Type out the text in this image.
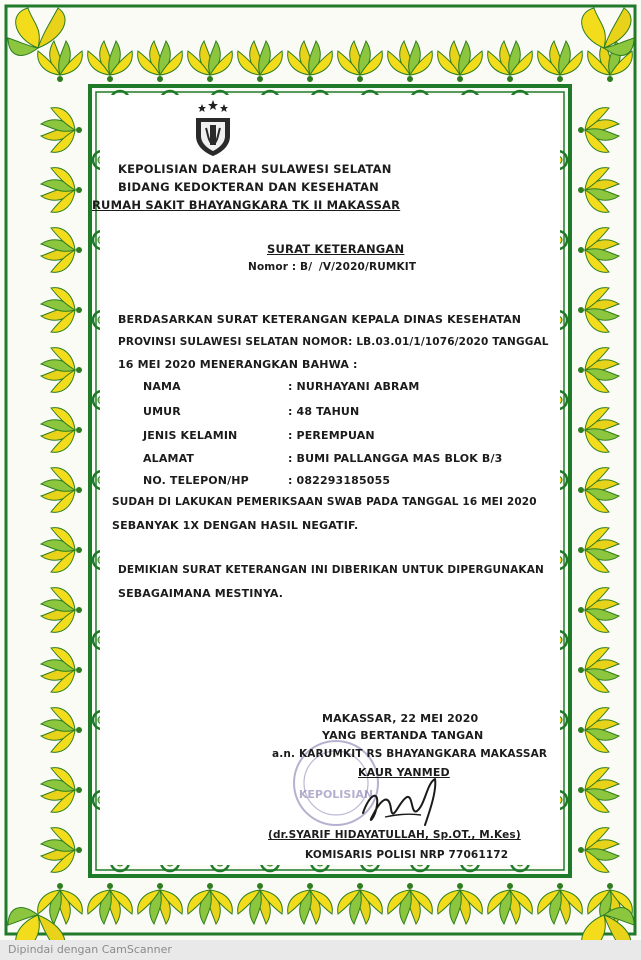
KEPOLISIAN DAERAH SULAWESI SELATAN
BIDANG KEDOKTERAN DAN KESEHATAN
RUMAH SAKIT BHAYANGKARA TK II MAKASSAR
SURAT KETERANGAN
Nomor : B/   /V/2020/RUMKIT
BERDASARKAN SURAT KETERANGAN KEPALA DINAS KESEHATAN
PROVINSI SULAWESI SELATAN NOMOR: LB.03.01/1/1076/2020 TANGGAL
16 MEI 2020 MENERANGKAN BAHWA :
NAMA	: NURHAYANI ABRAM
UMUR	: 48 TAHUN
JENIS KELAMIN	: PEREMPUAN
ALAMAT	: BUMI PALLANGGA MAS BLOK B/3
NO. TELEPON/HP	: 082293185055
SUDAH DI LAKUKAN PEMERIKSAAN SWAB PADA TANGGAL 16 MEI 2020
SEBANYAK 1X DENGAN HASIL NEGATIF.
DEMIKIAN SURAT KETERANGAN INI DIBERIKAN UNTUK DIPERGUNAKAN
SEBAGAIMANA MESTINYA.
KEPOLISIAN
MAKASSAR, 22 MEI 2020
YANG BERTANDA TANGAN
a.n. KARUMKIT RS BHAYANGKARA MAKASSAR
KAUR YANMED
(dr.SYARIF HIDAYATULLAH, Sp.OT., M.Kes)
KOMISARIS POLISI NRP 77061172
Dipindai dengan CamScanner
